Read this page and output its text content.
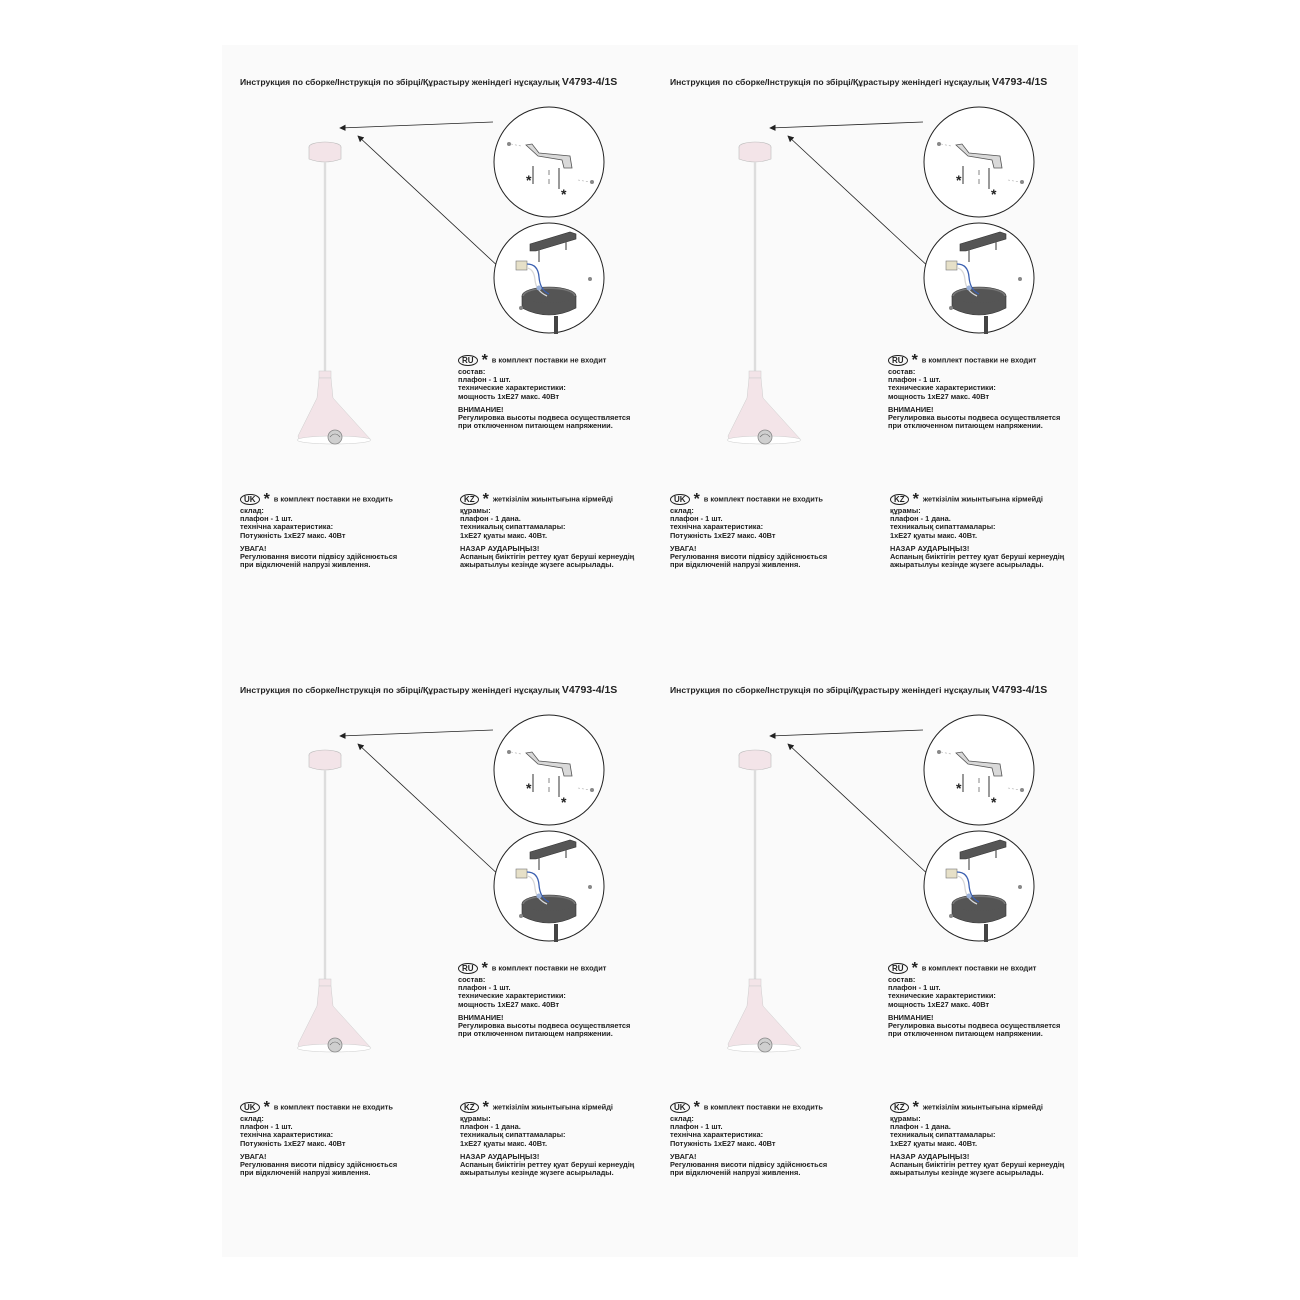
Инструкция по сборке/Інструкція по збірці/Құрастыру женіндегі нұсқаулық V4793-4/1S
*
*
RU * в комплект поставки не входит
состав:
плафон - 1 шт.
технические характеристики:
мощность 1хЕ27 макс. 40Вт
ВНИМАНИЕ!
Регулировка высоты подвеса осуществляется
при отключенном питающем напряжении.
UK * в комплект поставки не входить
склад:
плафон - 1 шт.
технічна характеристика:
Потужність 1хЕ27 макс. 40Вт
УВАГА!
Регулювання висоти підвісу здійснюється
при відключеній напрузі живлення.
KZ * жеткізілім жиынтығына кірмейді
құрамы:
плафон - 1 дана.
техникалық сипаттамалары:
1хЕ27 қуаты макс. 40Вт.
НАЗАР АУДАРЫҢЫЗ!
Аспаның биіктігін реттеу қуат беруші кернеудің
ажыратылуы кезінде жүзеге асырылады.
Инструкция по сборке/Інструкція по збірці/Құрастыру женіндегі нұсқаулық V4793-4/1S
*
*
RU * в комплект поставки не входит
состав:
плафон - 1 шт.
технические характеристики:
мощность 1хЕ27 макс. 40Вт
ВНИМАНИЕ!
Регулировка высоты подвеса осуществляется
при отключенном питающем напряжении.
UK * в комплект поставки не входить
склад:
плафон - 1 шт.
технічна характеристика:
Потужність 1хЕ27 макс. 40Вт
УВАГА!
Регулювання висоти підвісу здійснюється
при відключеній напрузі живлення.
KZ * жеткізілім жиынтығына кірмейді
құрамы:
плафон - 1 дана.
техникалық сипаттамалары:
1хЕ27 қуаты макс. 40Вт.
НАЗАР АУДАРЫҢЫЗ!
Аспаның биіктігін реттеу қуат беруші кернеудің
ажыратылуы кезінде жүзеге асырылады.
Инструкция по сборке/Інструкція по збірці/Құрастыру женіндегі нұсқаулық V4793-4/1S
*
*
RU * в комплект поставки не входит
состав:
плафон - 1 шт.
технические характеристики:
мощность 1хЕ27 макс. 40Вт
ВНИМАНИЕ!
Регулировка высоты подвеса осуществляется
при отключенном питающем напряжении.
UK * в комплект поставки не входить
склад:
плафон - 1 шт.
технічна характеристика:
Потужність 1хЕ27 макс. 40Вт
УВАГА!
Регулювання висоти підвісу здійснюється
при відключеній напрузі живлення.
KZ * жеткізілім жиынтығына кірмейді
құрамы:
плафон - 1 дана.
техникалық сипаттамалары:
1хЕ27 қуаты макс. 40Вт.
НАЗАР АУДАРЫҢЫЗ!
Аспаның биіктігін реттеу қуат беруші кернеудің
ажыратылуы кезінде жүзеге асырылады.
Инструкция по сборке/Інструкція по збірці/Құрастыру женіндегі нұсқаулық V4793-4/1S
*
*
RU * в комплект поставки не входит
состав:
плафон - 1 шт.
технические характеристики:
мощность 1хЕ27 макс. 40Вт
ВНИМАНИЕ!
Регулировка высоты подвеса осуществляется
при отключенном питающем напряжении.
UK * в комплект поставки не входить
склад:
плафон - 1 шт.
технічна характеристика:
Потужність 1хЕ27 макс. 40Вт
УВАГА!
Регулювання висоти підвісу здійснюється
при відключеній напрузі живлення.
KZ * жеткізілім жиынтығына кірмейді
құрамы:
плафон - 1 дана.
техникалық сипаттамалары:
1хЕ27 қуаты макс. 40Вт.
НАЗАР АУДАРЫҢЫЗ!
Аспаның биіктігін реттеу қуат беруші кернеудің
ажыратылуы кезінде жүзеге асырылады.
